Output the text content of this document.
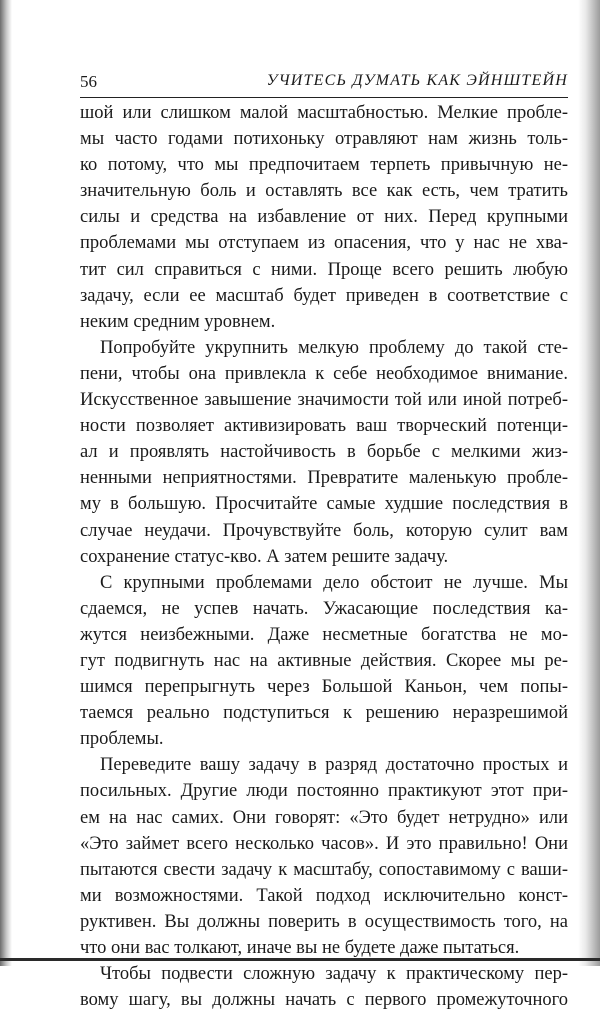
56	УЧИТЕСЬ ДУМАТЬ КАК ЭЙНШТЕЙН
шой или слишком малой масштабностью. Мелкие пробле-
мы часто годами потихоньку отравляют нам жизнь толь-
ко потому, что мы предпочитаем терпеть привычную не-
значительную боль и оставлять все как есть, чем тратить
силы и средства на избавление от них. Перед крупными
проблемами мы отступаем из опасения, что у нас не хва-
тит сил справиться с ними. Проще всего решить любую
задачу, если ее масштаб будет приведен в соответствие с
неким средним уровнем.
Попробуйте укрупнить мелкую проблему до такой сте-
пени, чтобы она привлекла к себе необходимое внимание.
Искусственное завышение значимости той или иной потреб-
ности позволяет активизировать ваш творческий потенци-
ал и проявлять настойчивость в борьбе с мелкими жиз-
ненными неприятностями. Превратите маленькую пробле-
му в большую. Просчитайте самые худшие последствия в
случае неудачи. Прочувствуйте боль, которую сулит вам
сохранение статус-кво. А затем решите задачу.
С крупными проблемами дело обстоит не лучше. Мы
сдаемся, не успев начать. Ужасающие последствия ка-
жутся неизбежными. Даже несметные богатства не мо-
гут подвигнуть нас на активные действия. Скорее мы ре-
шимся перепрыгнуть через Большой Каньон, чем попы-
таемся реально подступиться к решению неразрешимой
проблемы.
Переведите вашу задачу в разряд достаточно простых и
посильных. Другие люди постоянно практикуют этот при-
ем на нас самих. Они говорят: «Это будет нетрудно» или
«Это займет всего несколько часов». И это правильно! Они
пытаются свести задачу к масштабу, сопоставимому с ваши-
ми возможностями. Такой подход исключительно конст-
руктивен. Вы должны поверить в осуществимость того, на
что они вас толкают, иначе вы не будете даже пытаться.
Чтобы подвести сложную задачу к практическому пер-
вому шагу, вы должны начать с первого промежуточного
